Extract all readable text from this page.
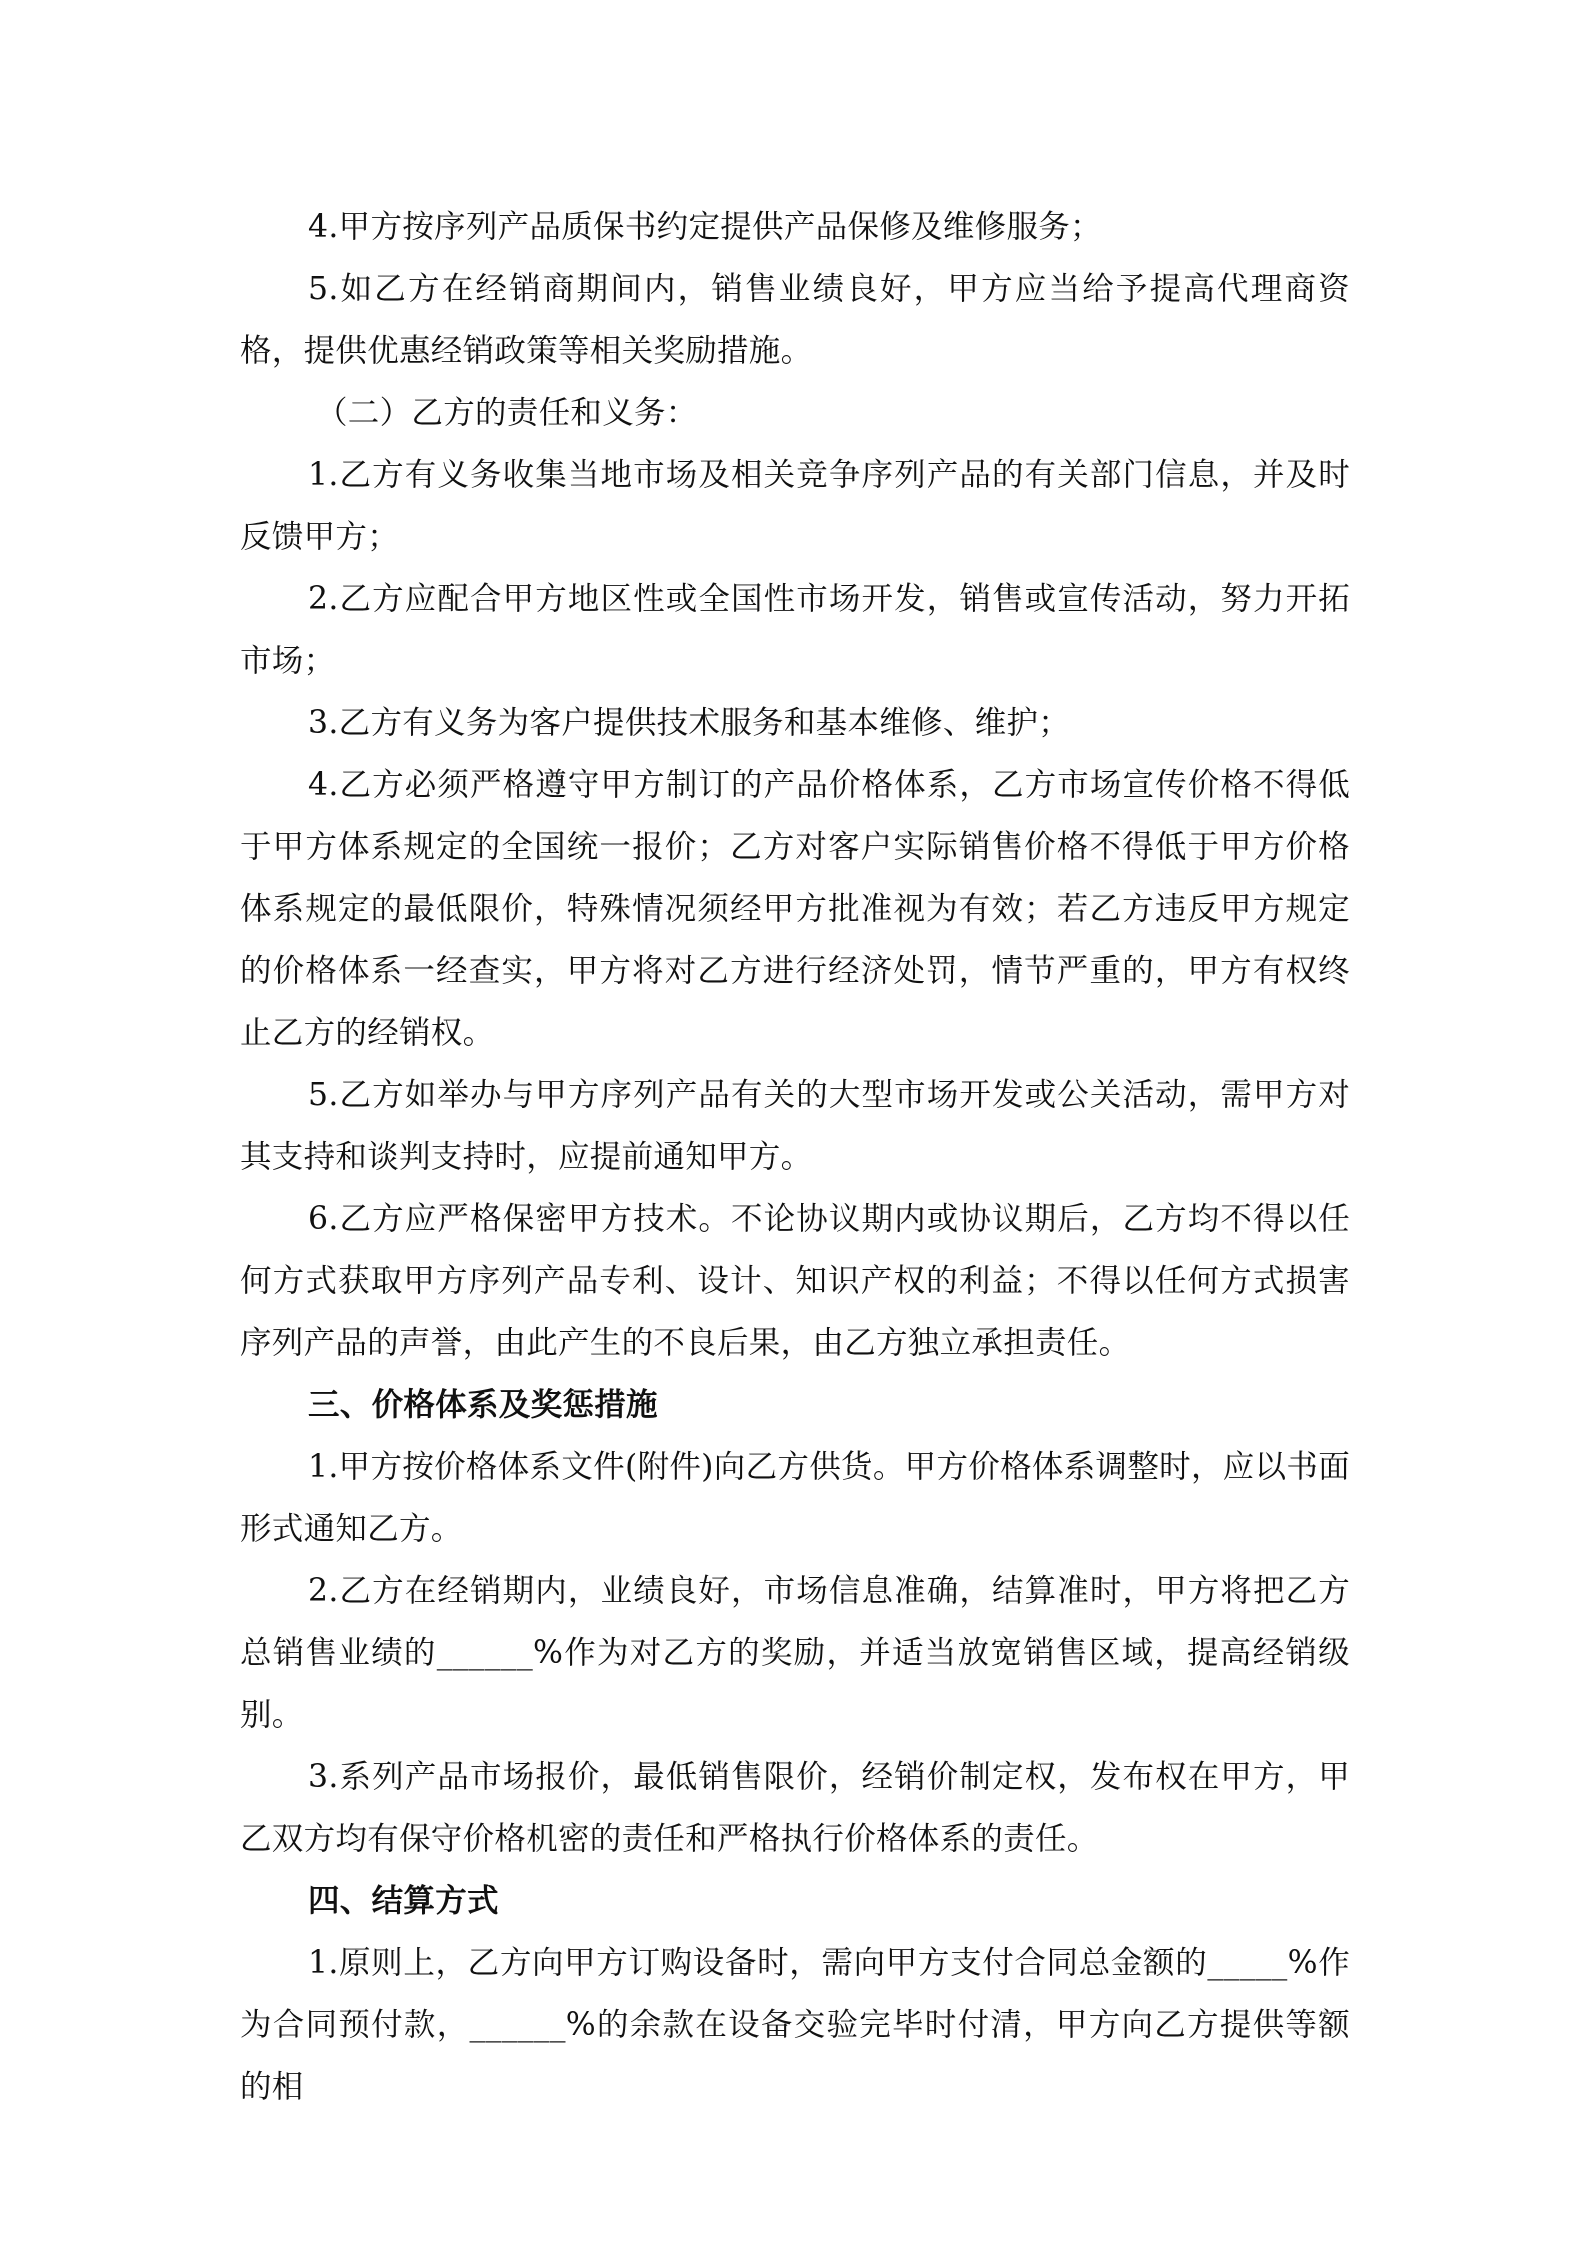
4.甲方按序列产品质保书约定提供产品保修及维修服务；

5.如乙方在经销商期间内，销售业绩良好，甲方应当给予提高代理商资格，提供优惠经销政策等相关奖励措施。

（二）乙方的责任和义务：

1.乙方有义务收集当地市场及相关竞争序列产品的有关部门信息，并及时反馈甲方；

2.乙方应配合甲方地区性或全国性市场开发，销售或宣传活动，努力开拓市场；

3.乙方有义务为客户提供技术服务和基本维修、维护；

4.乙方必须严格遵守甲方制订的产品价格体系，乙方市场宣传价格不得低于甲方体系规定的全国统一报价；乙方对客户实际销售价格不得低于甲方价格体系规定的最低限价，特殊情况须经甲方批准视为有效；若乙方违反甲方规定的价格体系一经查实，甲方将对乙方进行经济处罚，情节严重的，甲方有权终止乙方的经销权。

5.乙方如举办与甲方序列产品有关的大型市场开发或公关活动，需甲方对其支持和谈判支持时，应提前通知甲方。

6.乙方应严格保密甲方技术。不论协议期内或协议期后，乙方均不得以任何方式获取甲方序列产品专利、设计、知识产权的利益；不得以任何方式损害序列产品的声誉，由此产生的不良后果，由乙方独立承担责任。

三、价格体系及奖惩措施

1.甲方按价格体系文件(附件)向乙方供货。甲方价格体系调整时，应以书面形式通知乙方。

2.乙方在经销期内，业绩良好，市场信息准确，结算准时，甲方将把乙方总销售业绩的______%作为对乙方的奖励，并适当放宽销售区域，提高经销级别。

3.系列产品市场报价，最低销售限价，经销价制定权，发布权在甲方，甲乙双方均有保守价格机密的责任和严格执行价格体系的责任。

四、结算方式

1.原则上，乙方向甲方订购设备时，需向甲方支付合同总金额的_____%作为合同预付款，______%的余款在设备交验完毕时付清，甲方向乙方提供等额的相
